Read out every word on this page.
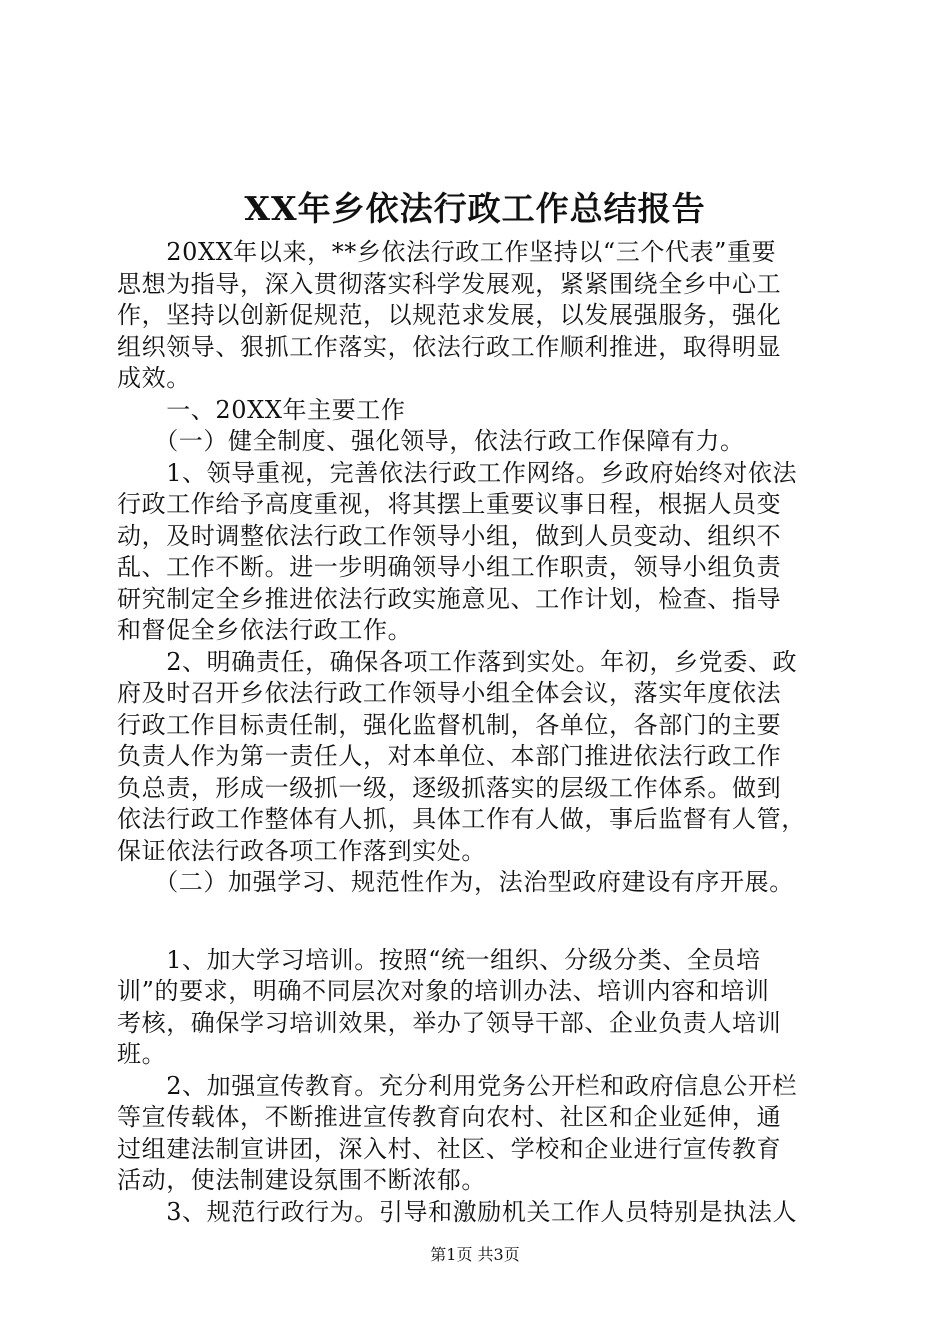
XX年乡依法行政工作总结报告
　　20XX年以来，**乡依法行政工作坚持以“三个代表”重要
思想为指导，深入贯彻落实科学发展观，紧紧围绕全乡中心工
作，坚持以创新促规范，以规范求发展，以发展强服务，强化
组织领导、狠抓工作落实，依法行政工作顺利推进，取得明显
成效。
　　一、20XX年主要工作
　　（一）健全制度、强化领导，依法行政工作保障有力。
　　1、领导重视，完善依法行政工作网络。乡政府始终对依法
行政工作给予高度重视，将其摆上重要议事日程，根据人员变
动，及时调整依法行政工作领导小组，做到人员变动、组织不
乱、工作不断。进一步明确领导小组工作职责，领导小组负责
研究制定全乡推进依法行政实施意见、工作计划，检查、指导
和督促全乡依法行政工作。
　　2、明确责任，确保各项工作落到实处。年初，乡党委、政
府及时召开乡依法行政工作领导小组全体会议，落实年度依法
行政工作目标责任制，强化监督机制，各单位，各部门的主要
负责人作为第一责任人，对本单位、本部门推进依法行政工作
负总责，形成一级抓一级，逐级抓落实的层级工作体系。做到
依法行政工作整体有人抓，具体工作有人做，事后监督有人管，
保证依法行政各项工作落到实处。
　　（二）加强学习、规范性作为，法治型政府建设有序开展。
　　1、加大学习培训。按照“统一组织、分级分类、全员培
训”的要求，明确不同层次对象的培训办法、培训内容和培训
考核，确保学习培训效果，举办了领导干部、企业负责人培训
班。
　　2、加强宣传教育。充分利用党务公开栏和政府信息公开栏
等宣传载体，不断推进宣传教育向农村、社区和企业延伸，通
过组建法制宣讲团，深入村、社区、学校和企业进行宣传教育
活动，使法制建设氛围不断浓郁。
　　3、规范行政行为。引导和激励机关工作人员特别是执法人
第1页 共3页
